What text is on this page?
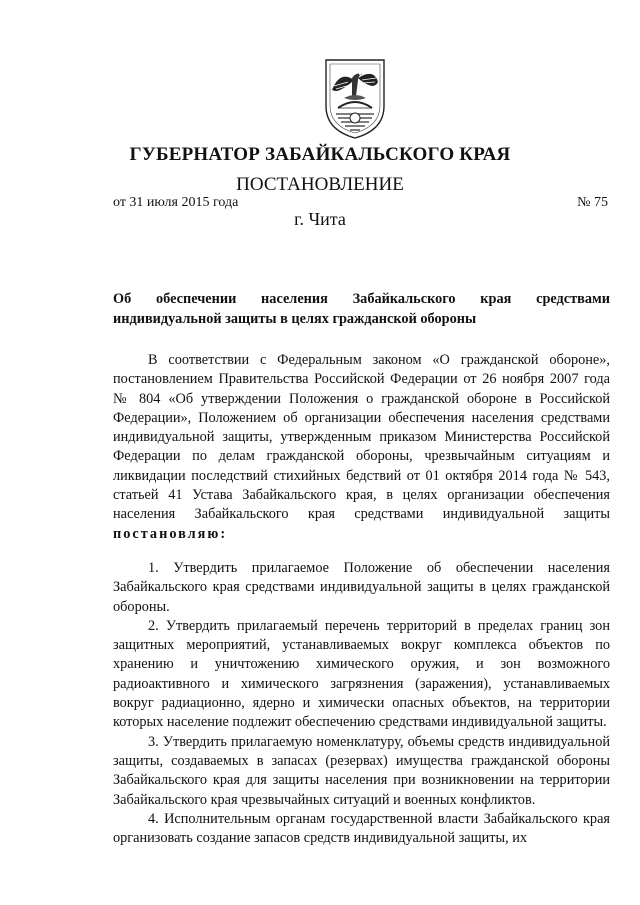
ГУБЕРНАТОР ЗАБАЙКАЛЬСКОГО КРАЯ
ПОСТАНОВЛЕНИЕ
от 31 июля 2015 года	№ 75
г. Чита
Об обеспечении населения Забайкальского края средствами индивидуальной защиты в целях гражданской обороны

В соответствии с Федеральным законом «О гражданской обороне», постановлением Правительства Российской Федерации от 26 ноября 2007 года № 804 «Об утверждении Положения о гражданской обороне в Российской Федерации», Положением об организации обеспечения населения средствами индивидуальной защиты, утвержденным приказом Министерства Российской Федерации по делам гражданской обороны, чрезвычайным ситуациям и ликвидации последствий стихийных бедствий от 01 октября 2014 года № 543, статьей 41 Устава Забайкальского края, в целях организации обеспечения населения Забайкальского края средствами индивидуальной защиты постановляю:

1. Утвердить прилагаемое Положение об обеспечении населения Забайкальского края средствами индивидуальной защиты в целях гражданской обороны.

2. Утвердить прилагаемый перечень территорий в пределах границ зон защитных мероприятий, устанавливаемых вокруг комплекса объектов по хранению и уничтожению химического оружия, и зон возможного радиоактивного и химического загрязнения (заражения), устанавливаемых вокруг радиационно, ядерно и химически опасных объектов, на территории которых население подлежит обеспечению средствами индивидуальной защиты.

3. Утвердить прилагаемую номенклатуру, объемы средств индивидуальной защиты, создаваемых в запасах (резервах) имущества гражданской обороны Забайкальского края для защиты населения при возникновении на территории Забайкальского края чрезвычайных ситуаций и военных конфликтов.

4. Исполнительным органам государственной власти Забайкальского края организовать создание запасов средств индивидуальной защиты, их
